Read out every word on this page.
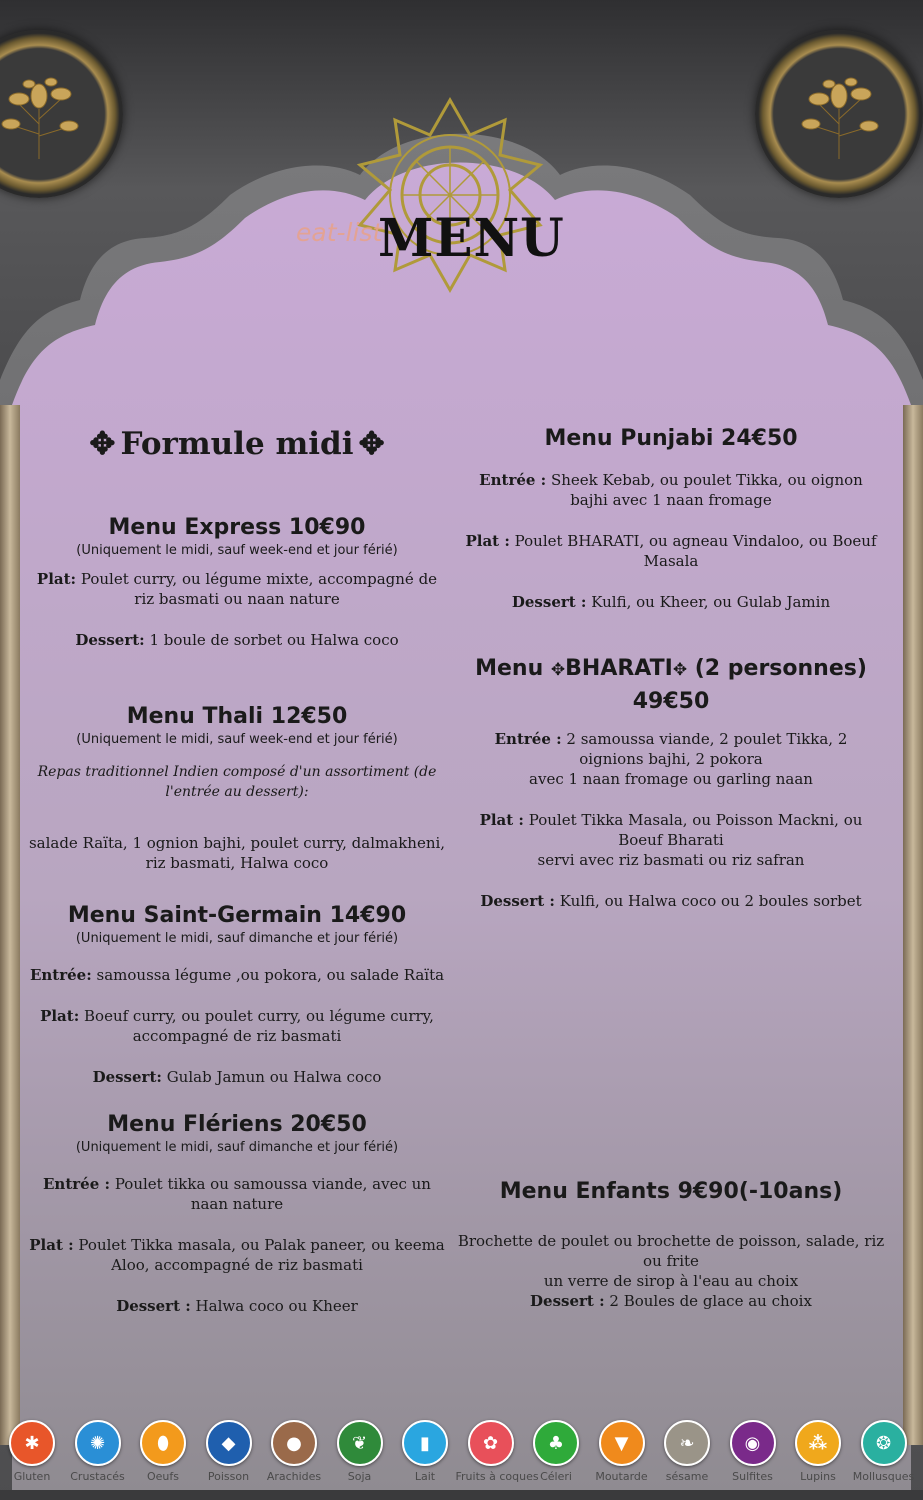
eat-list
MENU
✥ Formule midi ✥
Menu Express 10€90
(Uniquement le midi, sauf week-end et jour férié)
Plat: Poulet curry, ou légume mixte, accompagné de riz basmati ou naan nature
Dessert: 1 boule de sorbet ou Halwa coco
Menu Thali 12€50
(Uniquement le midi, sauf week-end et jour férié)
Repas traditionnel Indien composé d'un assortiment (de l'entrée au dessert):
salade Raïta, 1 ognion bajhi, poulet curry, dalmakheni, riz basmati, Halwa coco
Menu Saint-Germain 14€90
(Uniquement le midi, sauf dimanche et jour férié)
Entrée: samoussa légume ,ou pokora, ou salade Raïta
Plat: Boeuf curry, ou poulet curry, ou légume curry, accompagné de riz basmati
Dessert: Gulab Jamun ou Halwa coco
Menu Flériens 20€50
(Uniquement le midi, sauf dimanche et jour férié)
Entrée : Poulet tikka ou samoussa viande, avec un naan nature
Plat : Poulet Tikka masala, ou Palak paneer, ou keema Aloo, accompagné de riz basmati
Dessert : Halwa coco ou Kheer
Menu Punjabi 24€50
Entrée : Sheek Kebab, ou poulet Tikka, ou oignon bajhi avec 1 naan fromage
Plat : Poulet BHARATI, ou agneau Vindaloo, ou Boeuf Masala
Dessert : Kulfi, ou Kheer, ou Gulab Jamin
Menu ✥BHARATI✥ (2 personnes)
49€50
Entrée : 2 samoussa viande, 2 poulet Tikka, 2 oignions bajhi, 2 pokora
avec 1 naan fromage ou garling naan
Plat : Poulet Tikka Masala, ou Poisson Mackni, ou Boeuf Bharati
servi avec riz basmati ou riz safran
Dessert : Kulfi, ou Halwa coco ou 2 boules sorbet
Menu Enfants 9€90(-10ans)
Brochette de poulet ou brochette de poisson, salade, riz ou frite
un verre de sirop à l'eau au choix
Dessert : 2 Boules de glace au choix
✱
Gluten
✺
Crustacés
⬮
Oeufs
◆
Poisson
●
Arachides
❦
Soja
▮
Lait
✿
Fruits à coques
♣
Céleri
▼
Moutarde
❧
sésame
◉
Sulfites
⁂
Lupins
❂
Mollusques
